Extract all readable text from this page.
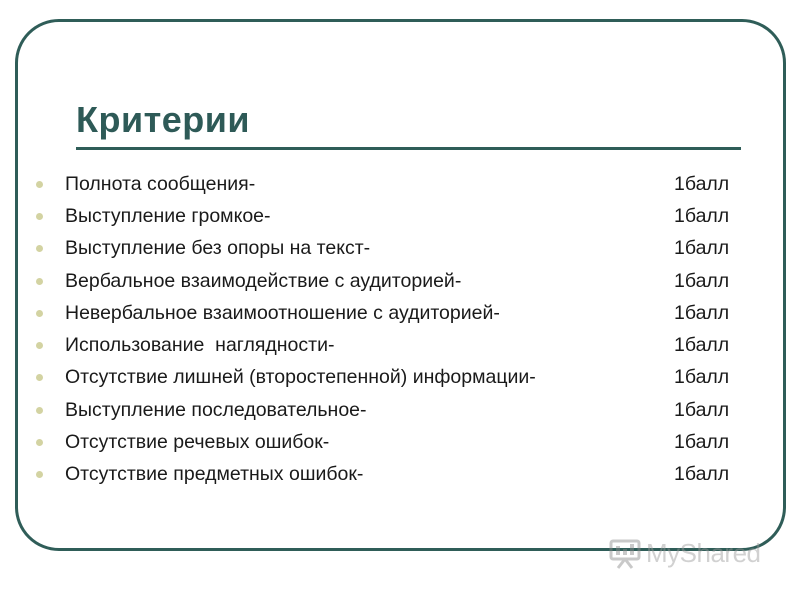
Критерии
Полнота сообщения-	1балл
Выступление громкое-	1балл
Выступление без опоры на текст-	1балл
Вербальное взаимодействие с аудиторией-	1балл
Невербальное взаимоотношение с аудиторией-	1балл
Использование  наглядности-	1балл
Отсутствие лишней (второстепенной) информации-	1балл
Выступление последовательное-	1балл
Отсутствие речевых ошибок-	1балл
Отсутствие предметных ошибок-	1балл
MyShared
